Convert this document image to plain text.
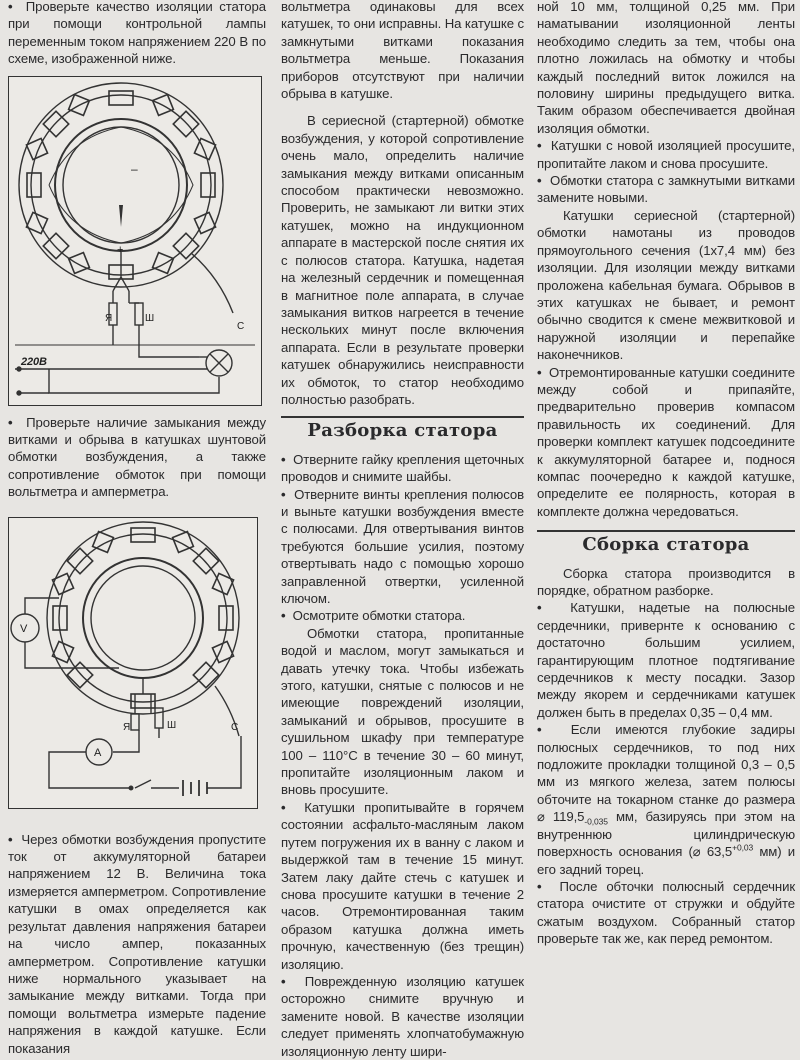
•  Проверьте качество изоляции статора при помощи контрольной лампы переменным током напряжением 220 В по схеме, изображенной ниже.

+
–
Я	Ш
С
220В

•  Проверьте наличие замыкания между витками и обрыва в катушках шунтовой обмотки возбуждения, а также сопротивление обмоток при помощи вольтметра и амперметра.

V
A
Я	Ш	С

•  Через обмотки возбуждения пропустите ток от аккумуляторной батареи напряжением 12 В. Величина тока измеряется амперметром. Сопротивление катушки в омах определяется как результат давления напряжения батареи на число ампер, показанных амперметром. Сопротивление катушки ниже нормального указывает на замыкание между витками. Тогда при помощи вольтметра измерьте падение напряжения в каждой катушке. Если показания

вольтметра одинаковы для всех катушек, то они исправны. На катушке с замкнутыми витками показания вольтметра меньше. Показания приборов отсутствуют при наличии обрыва в катушке.

В сериесной (стартерной) обмотке возбуждения, у которой сопротивление очень мало, определить наличие замыкания между витками описанным способом практически невозможно. Проверить, не замыкают ли витки этих катушек, можно на индукционном аппарате в мастерской после снятия их с полюсов статора. Катушка, надетая на железный сердечник и помещенная в магнитное поле аппарата, в случае замыкания витков нагреется в течение нескольких минут после включения аппарата. Если в результате проверки катушек обнаружились неисправности их обмоток, то статор необходимо полностью разобрать.

Разборка статора

•  Отверните гайку крепления щеточных проводов и снимите шайбы.

•  Отверните винты крепления полюсов и выньте катушки возбуждения вместе с полюсами. Для отвертывания винтов требуются большие усилия, поэтому отвертывать надо с помощью хорошо заправленной отвертки, усиленной ключом.

•  Осмотрите обмотки статора.

Обмотки статора, пропитанные водой и маслом, могут замыкаться и давать утечку тока. Чтобы избежать этого, катушки, снятые с полюсов и не имеющие повреждений изоляции, замыканий и обрывов, просушите в сушильном шкафу при температуре 100 – 110°С в течение 30 – 60 минут, пропитайте изоляционным лаком и вновь просушите.

•  Катушки пропитывайте в горячем состоянии асфальто-масляным лаком путем погружения их в ванну с лаком и выдержкой там в течение 15 минут. Затем лаку дайте стечь с катушек и снова просушите катушки в течение 2 часов. Отремонтированная таким образом катушка должна иметь прочную, качественную (без трещин) изоляцию.

•  Поврежденную изоляцию катушек осторожно снимите вручную и замените новой. В качестве изоляции следует применять хлопчатобумажную изоляционную ленту шири-

ной 10 мм, толщиной 0,25 мм. При наматывании изоляционной ленты необходимо следить за тем, чтобы она плотно ложилась на обмотку и чтобы каждый последний виток ложился на половину ширины предыдущего витка. Таким образом обеспечивается двойная изоляция обмотки.

•  Катушки с новой изоляцией просушите, пропитайте лаком и снова просушите.

•  Обмотки статора с замкнутыми витками замените новыми.

Катушки сериесной (стартерной) обмотки намотаны из проводов прямоугольного сечения (1х7,4 мм) без изоляции. Для изоляции между витками проложена кабельная бумага. Обрывов в этих катушках не бывает, и ремонт обычно сводится к смене межвитковой и наружной изоляции и перепайке наконечников.

•  Отремонтированные катушки соедините между собой и припаяйте, предварительно проверив компасом правильность их соединений. Для проверки комплект катушек подсоедините к аккумуляторной батарее и, поднося компас поочередно к каждой катушке, определите ее полярность, которая в комплекте должна чередоваться.

Сборка статора

Сборка статора производится в порядке, обратном разборке.

•  Катушки, надетые на полюсные сердечники, привернте к основанию с достаточно большим усилием, гарантирующим плотное подтягивание сердечников к месту посадки. Зазор между якорем и сердечниками катушек должен быть в пределах 0,35 – 0,4 мм.

•  Если имеются глубокие задиры полюсных сердечников, то под них подложите прокладки толщиной 0,3 – 0,5 мм из мягкого железа, затем полюсы обточите на токарном станке до размера ⌀ $119,5_{-0,035}$ мм, базируясь при этом на внутреннюю цилиндрическую поверхность основания (⌀ $63,5^{+0,03}$ мм) и его задний торец.

•  После обточки полюсный сердечник статора очистите от стружки и обдуйте сжатым воздухом. Собранный статор проверьте так же, как перед ремонтом.
